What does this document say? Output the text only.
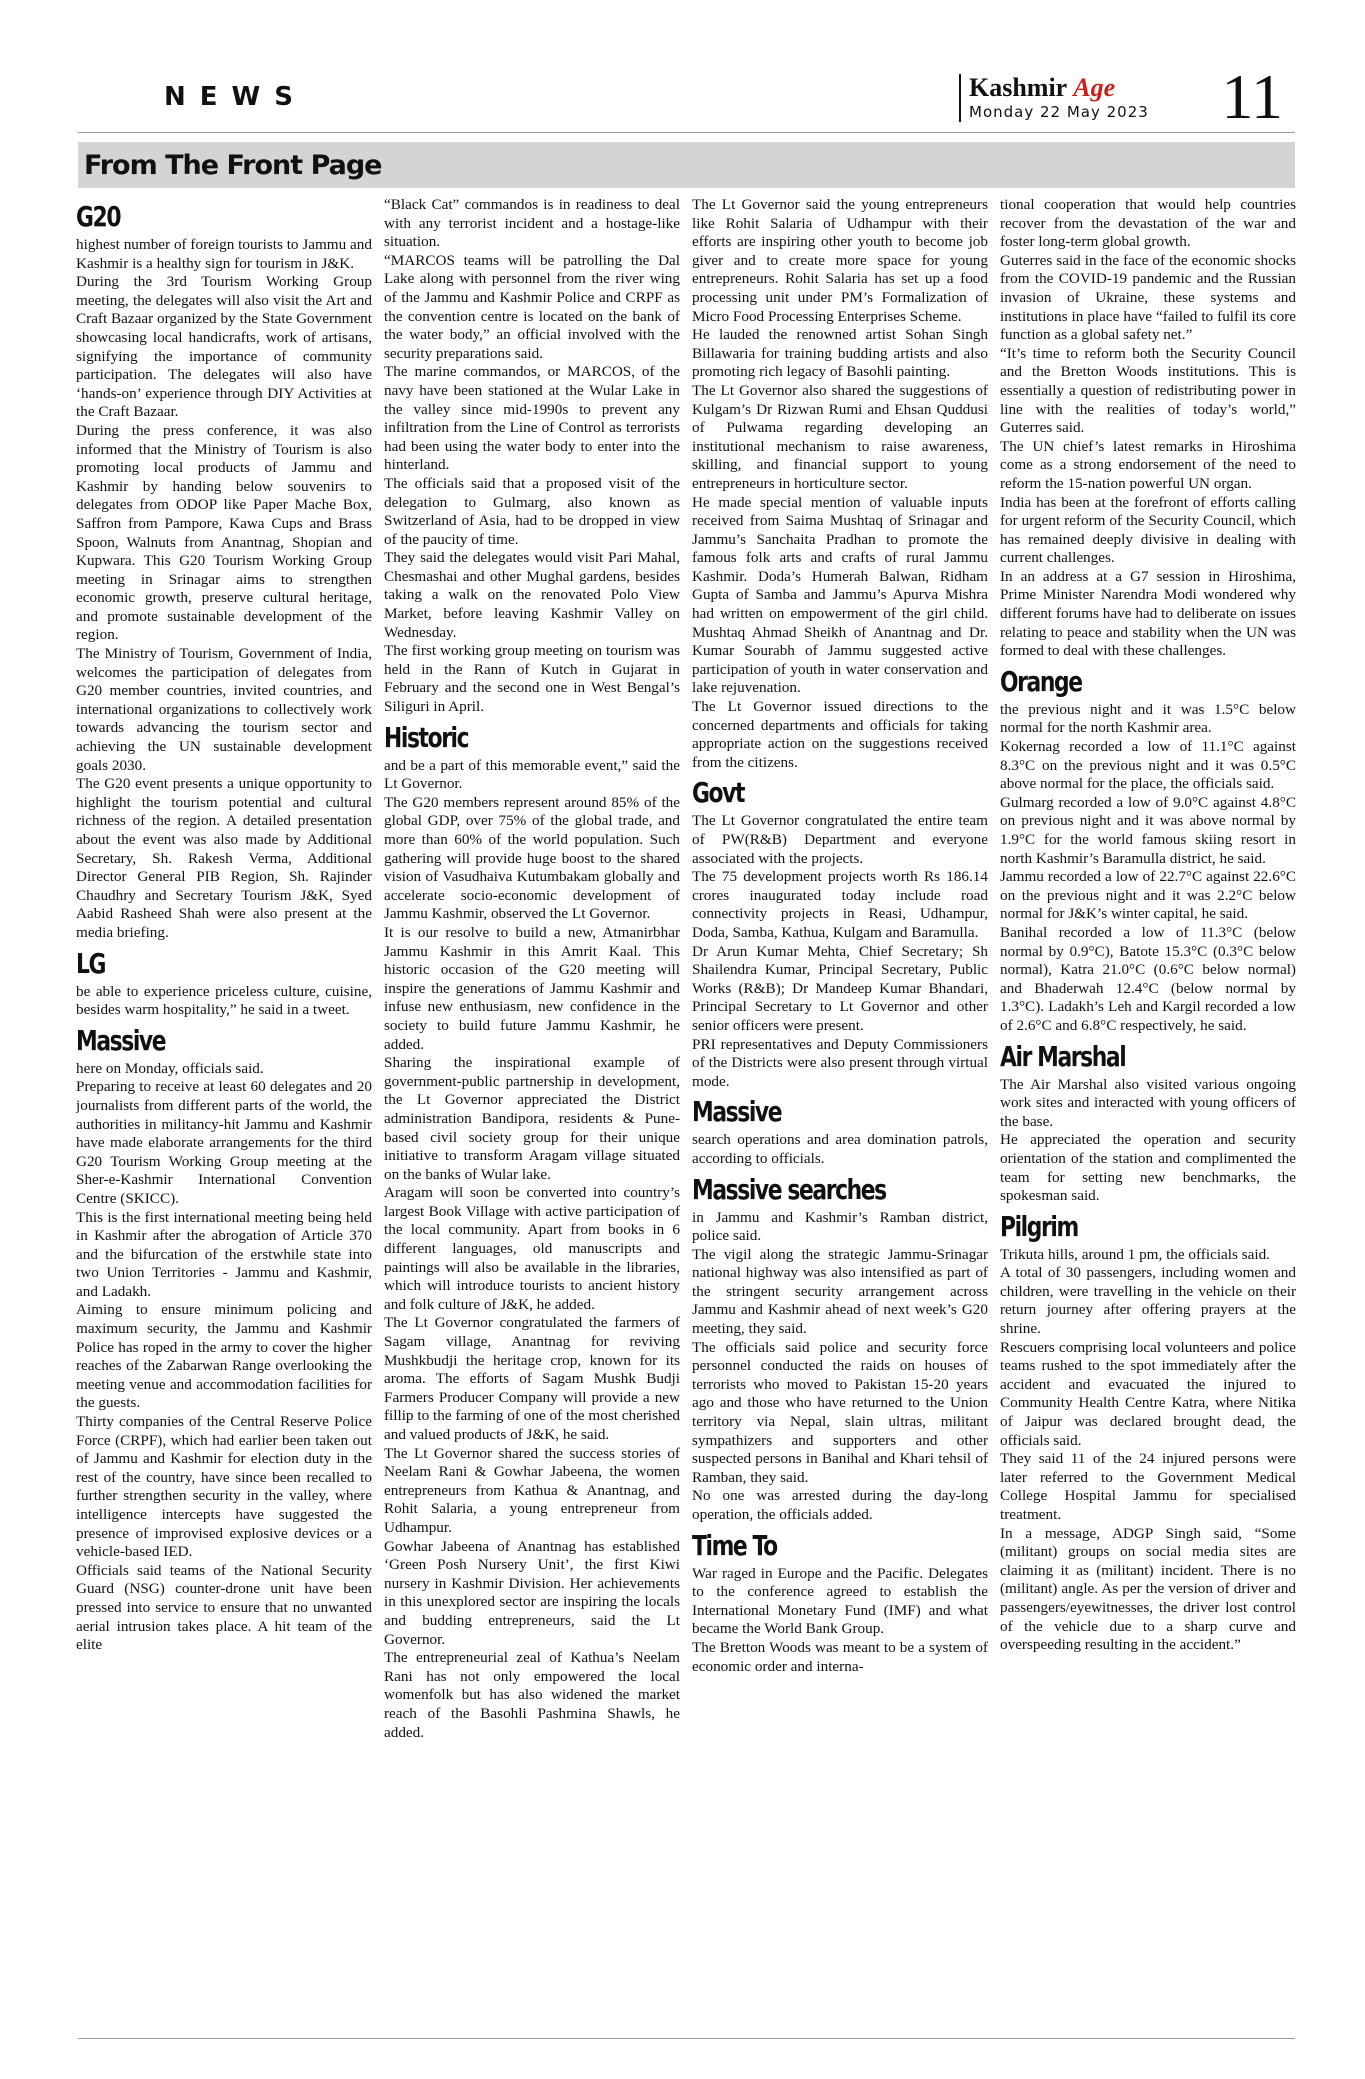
NEWS	Kashmir Age
Monday 22 May 2023	11
From The Front Page
G20

highest number of foreign tourists to Jammu and Kashmir is a healthy sign for tourism in J&K.

During the 3rd Tourism Working Group meeting, the delegates will also visit the Art and Craft Bazaar organized by the State Government showcasing local handicrafts, work of artisans, signifying the importance of community participation. The delegates will also have ‘hands-on’ experience through DIY Activities at the Craft Bazaar.

During the press conference, it was also informed that the Ministry of Tourism is also promoting local products of Jammu and Kashmir by handing below souvenirs to delegates from ODOP like Paper Mache Box, Saffron from Pampore, Kawa Cups and Brass Spoon, Walnuts from Anantnag, Shopian and Kupwara. This G20 Tourism Working Group meeting in Srinagar aims to strengthen economic growth, preserve cultural heritage, and promote sustainable development of the region.

The Ministry of Tourism, Government of India, welcomes the participation of delegates from G20 member countries, invited countries, and international organizations to collectively work towards advancing the tourism sector and achieving the UN sustainable development goals 2030.

The G20 event presents a unique opportunity to highlight the tourism potential and cultural richness of the region. A detailed presentation about the event was also made by Additional Secretary, Sh. Rakesh Verma, Additional Director General PIB Region, Sh. Rajinder Chaudhry and Secretary Tourism J&K, Syed Aabid Rasheed Shah were also present at the media briefing.

LG

be able to experience priceless culture, cuisine, besides warm hospitality,” he said in a tweet.

Massive

here on Monday, officials said.

Preparing to receive at least 60 delegates and 20 journalists from different parts of the world, the authorities in militancy-hit Jammu and Kashmir have made elaborate arrangements for the third G20 Tourism Working Group meeting at the Sher-e-Kashmir International Convention Centre (SKICC).

This is the first international meeting being held in Kashmir after the abrogation of Article 370 and the bifurcation of the erstwhile state into two Union Territories - Jammu and Kashmir, and Ladakh.

Aiming to ensure minimum policing and maximum security, the Jammu and Kashmir Police has roped in the army to cover the higher reaches of the Zabarwan Range overlooking the meeting venue and accommodation facilities for the guests.

Thirty companies of the Central Reserve Police Force (CRPF), which had earlier been taken out of Jammu and Kashmir for election duty in the rest of the country, have since been recalled to further strengthen security in the valley, where intelligence intercepts have suggested the presence of improvised explosive devices or a vehicle-based IED.

Officials said teams of the National Security Guard (NSG) counter-drone unit have been pressed into service to ensure that no unwanted aerial intrusion takes place. A hit team of the elite

“Black Cat” commandos is in readiness to deal with any terrorist incident and a hostage-like situation.

“MARCOS teams will be patrolling the Dal Lake along with personnel from the river wing of the Jammu and Kashmir Police and CRPF as the convention centre is located on the bank of the water body,” an official involved with the security preparations said.

The marine commandos, or MARCOS, of the navy have been stationed at the Wular Lake in the valley since mid-1990s to prevent any infiltration from the Line of Control as terrorists had been using the water body to enter into the hinterland.

The officials said that a proposed visit of the delegation to Gulmarg, also known as Switzerland of Asia, had to be dropped in view of the paucity of time.

They said the delegates would visit Pari Mahal, Chesmashai and other Mughal gardens, besides taking a walk on the renovated Polo View Market, before leaving Kashmir Valley on Wednesday.

The first working group meeting on tourism was held in the Rann of Kutch in Gujarat in February and the second one in West Bengal’s Siliguri in April.

Historic

and be a part of this memorable event,” said the Lt Governor.

The G20 members represent around 85% of the global GDP, over 75% of the global trade, and more than 60% of the world population. Such gathering will provide huge boost to the shared vision of Vasudhaiva Kutumbakam globally and accelerate socio-economic development of Jammu Kashmir, observed the Lt Governor.

It is our resolve to build a new, Atmanirbhar Jammu Kashmir in this Amrit Kaal. This historic occasion of the G20 meeting will inspire the generations of Jammu Kashmir and infuse new enthusiasm, new confidence in the society to build future Jammu Kashmir, he added.

Sharing the inspirational example of government-public partnership in development, the Lt Governor appreciated the District administration Bandipora, residents & Pune-based civil society group for their unique initiative to transform Aragam village situated on the banks of Wular lake.

Aragam will soon be converted into country’s largest Book Village with active participation of the local community. Apart from books in 6 different languages, old manuscripts and paintings will also be available in the libraries, which will introduce tourists to ancient history and folk culture of J&K, he added.

The Lt Governor congratulated the farmers of Sagam village, Anantnag for reviving Mushkbudji the heritage crop, known for its aroma. The efforts of Sagam Mushk Budji Farmers Producer Company will provide a new fillip to the farming of one of the most cherished and valued products of J&K, he said.

The Lt Governor shared the success stories of Neelam Rani & Gowhar Jabeena, the women entrepreneurs from Kathua & Anantnag, and Rohit Salaria, a young entrepreneur from Udhampur.

Gowhar Jabeena of Anantnag has established ‘Green Posh Nursery Unit’, the first Kiwi nursery in Kashmir Division. Her achievements in this unexplored sector are inspiring the locals and budding entrepreneurs, said the Lt Governor.

The entrepreneurial zeal of Kathua’s Neelam Rani has not only empowered the local womenfolk but has also widened the market reach of the Basohli Pashmina Shawls, he added.

The Lt Governor said the young entrepreneurs like Rohit Salaria of Udhampur with their efforts are inspiring other youth to become job giver and to create more space for young entrepreneurs. Rohit Salaria has set up a food processing unit under PM’s Formalization of Micro Food Processing Enterprises Scheme.

He lauded the renowned artist Sohan Singh Billawaria for training budding artists and also promoting rich legacy of Basohli painting.

The Lt Governor also shared the suggestions of Kulgam’s Dr Rizwan Rumi and Ehsan Quddusi of Pulwama regarding developing an institutional mechanism to raise awareness, skilling, and financial support to young entrepreneurs in horticulture sector.

He made special mention of valuable inputs received from Saima Mushtaq of Srinagar and Jammu’s Sanchaita Pradhan to promote the famous folk arts and crafts of rural Jammu Kashmir. Doda’s Humerah Balwan, Ridham Gupta of Samba and Jammu’s Apurva Mishra had written on empowerment of the girl child. Mushtaq Ahmad Sheikh of Anantnag and Dr. Kumar Sourabh of Jammu suggested active participation of youth in water conservation and lake rejuvenation.

The Lt Governor issued directions to the concerned departments and officials for taking appropriate action on the suggestions received from the citizens.

Govt

The Lt Governor congratulated the entire team of PW(R&B) Department and everyone associated with the projects.

The 75 development projects worth Rs 186.14 crores inaugurated today include road connectivity projects in Reasi, Udhampur, Doda, Samba, Kathua, Kulgam and Baramulla.

Dr Arun Kumar Mehta, Chief Secretary; Sh Shailendra Kumar, Principal Secretary, Public Works (R&B); Dr Mandeep Kumar Bhandari, Principal Secretary to Lt Governor and other senior officers were present.

PRI representatives and Deputy Commissioners of the Districts were also present through virtual mode.

Massive

search operations and area domination patrols, according to officials.

Massive searches

in Jammu and Kashmir’s Ramban district, police said.

The vigil along the strategic Jammu-Srinagar national highway was also intensified as part of the stringent security arrangement across Jammu and Kashmir ahead of next week’s G20 meeting, they said.

The officials said police and security force personnel conducted the raids on houses of terrorists who moved to Pakistan 15-20 years ago and those who have returned to the Union territory via Nepal, slain ultras, militant sympathizers and supporters and other suspected persons in Banihal and Khari tehsil of Ramban, they said.

No one was arrested during the day-long operation, the officials added.

Time To

War raged in Europe and the Pacific. Delegates to the conference agreed to establish the International Monetary Fund (IMF) and what became the World Bank Group.

The Bretton Woods was meant to be a system of economic order and interna-

tional cooperation that would help countries recover from the devastation of the war and foster long-term global growth.

Guterres said in the face of the economic shocks from the COVID-19 pandemic and the Russian invasion of Ukraine, these systems and institutions in place have “failed to fulfil its core function as a global safety net.”

“It’s time to reform both the Security Council and the Bretton Woods institutions. This is essentially a question of redistributing power in line with the realities of today’s world,” Guterres said.

The UN chief’s latest remarks in Hiroshima come as a strong endorsement of the need to reform the 15-nation powerful UN organ.

India has been at the forefront of efforts calling for urgent reform of the Security Council, which has remained deeply divisive in dealing with current challenges.

In an address at a G7 session in Hiroshima, Prime Minister Narendra Modi wondered why different forums have had to deliberate on issues relating to peace and stability when the UN was formed to deal with these challenges.

Orange

the previous night and it was 1.5°C below normal for the north Kashmir area.

Kokernag recorded a low of 11.1°C against 8.3°C on the previous night and it was 0.5°C above normal for the place, the officials said.

Gulmarg recorded a low of 9.0°C against 4.8°C on previous night and it was above normal by 1.9°C for the world famous skiing resort in north Kashmir’s Baramulla district, he said.

Jammu recorded a low of 22.7°C against 22.6°C on the previous night and it was 2.2°C below normal for J&K’s winter capital, he said.

Banihal recorded a low of 11.3°C (below normal by 0.9°C), Batote 15.3°C (0.3°C below normal), Katra 21.0°C (0.6°C below normal) and Bhaderwah 12.4°C (below normal by 1.3°C). Ladakh’s Leh and Kargil recorded a low of 2.6°C and 6.8°C respectively, he said.

Air Marshal

The Air Marshal also visited various ongoing work sites and interacted with young officers of the base.

He appreciated the operation and security orientation of the station and complimented the team for setting new benchmarks, the spokesman said.

Pilgrim

Trikuta hills, around 1 pm, the officials said.

A total of 30 passengers, including women and children, were travelling in the vehicle on their return journey after offering prayers at the shrine.

Rescuers comprising local volunteers and police teams rushed to the spot immediately after the accident and evacuated the injured to Community Health Centre Katra, where Nitika of Jaipur was declared brought dead, the officials said.

They said 11 of the 24 injured persons were later referred to the Government Medical College Hospital Jammu for specialised treatment.

In a message, ADGP Singh said, “Some (militant) groups on social media sites are claiming it as (militant) incident. There is no (militant) angle. As per the version of driver and passengers/eyewitnesses, the driver lost control of the vehicle due to a sharp curve and overspeeding resulting in the accident.”
